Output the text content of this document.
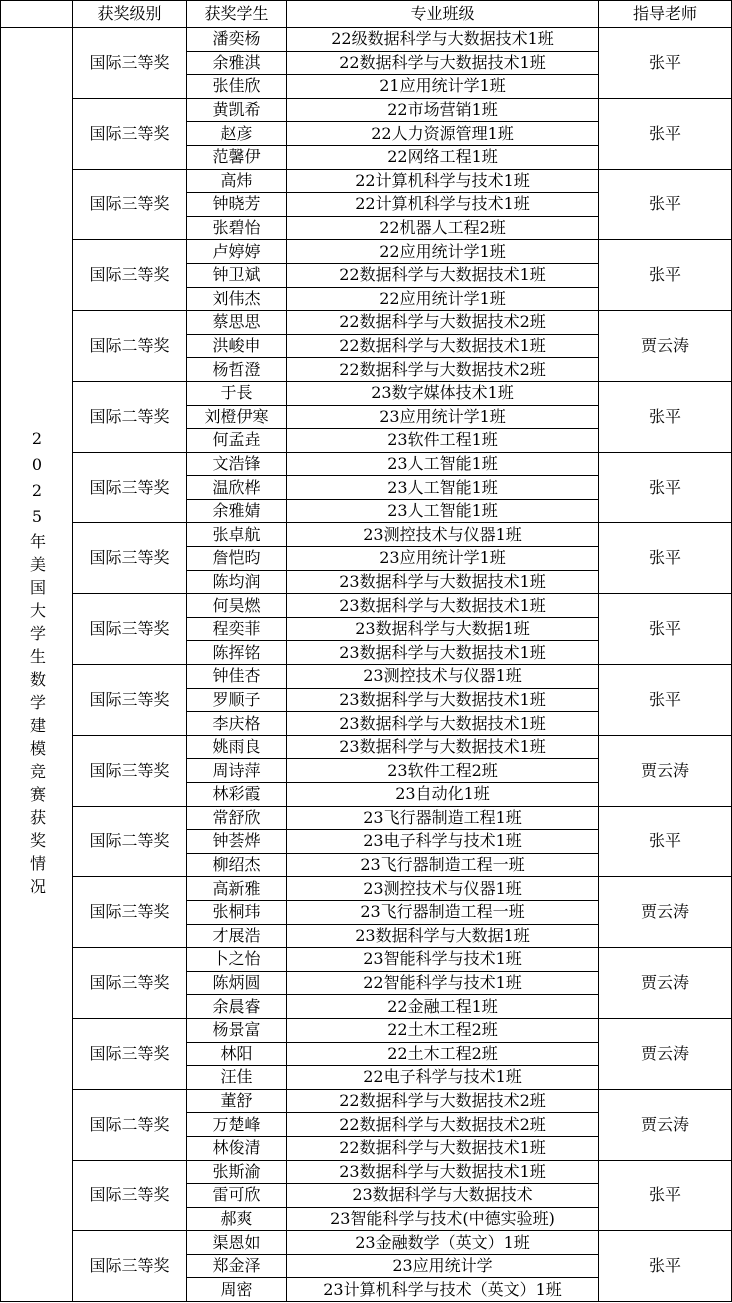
	获奖级别	获奖学生	专业班级	指导老师
2025年美国大学生数学建模竞赛获奖情况	国际三等奖	潘奕杨	22级数据科学与大数据技术1班	张平
		余雅淇	22数据科学与大数据技术1班	
		张佳欣	21应用统计学1班	
	国际三等奖	黄凯希	22市场营销1班	张平
		赵彦	22人力资源管理1班	
		范馨伊	22网络工程1班	
	国际三等奖	高炜	22计算机科学与技术1班	张平
		钟晓芳	22计算机科学与技术1班	
		张碧怡	22机器人工程2班	
	国际三等奖	卢婷婷	22应用统计学1班	张平
		钟卫斌	22数据科学与大数据技术1班	
		刘伟杰	22应用统计学1班	
	国际二等奖	蔡思思	22数据科学与大数据技术2班	贾云涛
		洪峻申	22数据科学与大数据技术1班	
		杨哲澄	22数据科学与大数据技术2班	
	国际二等奖	于長	23数字媒体技术1班	张平
		刘橙伊寒	23应用统计学1班	
		何孟垚	23软件工程1班	
	国际三等奖	文浩锋	23人工智能1班	张平
		温欣桦	23人工智能1班	
		余雅婧	23人工智能1班	
	国际三等奖	张卓航	23测控技术与仪器1班	张平
		詹恺昀	23应用统计学1班	
		陈均润	23数据科学与大数据技术1班	
	国际三等奖	何昊燃	23数据科学与大数据技术1班	张平
		程奕菲	23数据科学与大数据1班	
		陈挥铭	23数据科学与大数据技术1班	
	国际三等奖	钟佳杏	23测控技术与仪器1班	张平
		罗顺子	23数据科学与大数据技术1班	
		李庆格	23数据科学与大数据技术1班	
	国际三等奖	姚雨良	23数据科学与大数据技术1班	贾云涛
		周诗萍	23软件工程2班	
		林彩霞	23自动化1班	
	国际二等奖	常舒欣	23飞行器制造工程1班	张平
		钟荟烨	23电子科学与技术1班	
		柳绍杰	23飞行器制造工程一班	
	国际三等奖	高新雅	23测控技术与仪器1班	贾云涛
		张桐玮	23飞行器制造工程一班	
		才展浩	23数据科学与大数据1班	
	国际三等奖	卜之怡	23智能科学与技术1班	贾云涛
		陈炳圆	22智能科学与技术1班	
		余晨睿	22金融工程1班	
	国际三等奖	杨景富	22土木工程2班	贾云涛
		林阳	22土木工程2班	
		汪佳	22电子科学与技术1班	
	国际二等奖	董舒	22数据科学与大数据技术2班	贾云涛
		万楚峰	22数据科学与大数据技术2班	
		林俊清	22数据科学与大数据技术1班	
	国际三等奖	张斯渝	23数据科学与大数据技术1班	张平
		雷可欣	23数据科学与大数据技术	
		郝爽	23智能科学与技术(中德实验班)	
	国际三等奖	渠恩如	23金融数学（英文）1班	张平
		郑金泽	23应用统计学	
		周密	23计算机科学与技术（英文）1班	
